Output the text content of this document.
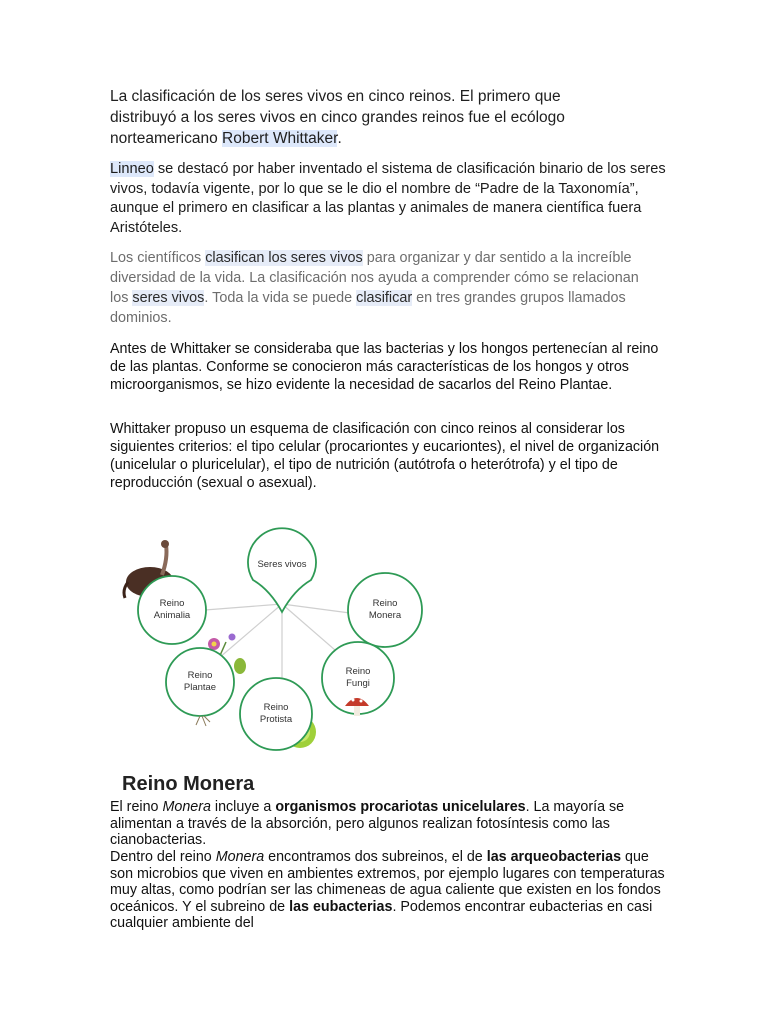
La clasificación de los seres vivos en cinco reinos. El primero que distribuyó a los seres vivos en cinco grandes reinos fue el ecólogo norteamericano Robert Whittaker.

Linneo se destacó por haber inventado el sistema de clasificación binario de los seres vivos, todavía vigente, por lo que se le dio el nombre de “Padre de la Taxonomía”, aunque el primero en clasificar a las plantas y animales de manera científica fuera Aristóteles.

Los científicos clasifican los seres vivos para organizar y dar sentido a la increíble diversidad de la vida. La clasificación nos ayuda a comprender cómo se relacionan los seres vivos. Toda la vida se puede clasificar en tres grandes grupos llamados dominios.

Antes de Whittaker se consideraba que las bacterias y los hongos pertenecían al reino de las plantas. Conforme se conocieron más características de los hongos y otros microorganismos, se hizo evidente la necesidad de sacarlos del Reino Plantae.

Whittaker propuso un esquema de clasificación con cinco reinos al considerar los siguientes criterios: el tipo celular (procariontes y eucariontes), el nivel de organización (unicelular o pluricelular), el tipo de nutrición (autótrofa o heterótrofa) y el tipo de reproducción (sexual o asexual).

Reino
Animalia
Seres vivos
Reino
Monera
Reino
Plantae
Reino
Fungi
Reino
Protista
Reino Monera

El reino Monera incluye a organismos procariotas unicelulares. La mayoría se alimentan a través de la absorción, pero algunos realizan fotosíntesis como las cianobacterias.

Dentro del reino Monera encontramos dos subreinos, el de las arqueobacterias que son microbios que viven en ambientes extremos, por ejemplo lugares con temperaturas muy altas, como podrían ser las chimeneas de agua caliente que existen en los fondos oceánicos. Y el subreino de las eubacterias. Podemos encontrar eubacterias en casi cualquier ambiente del
